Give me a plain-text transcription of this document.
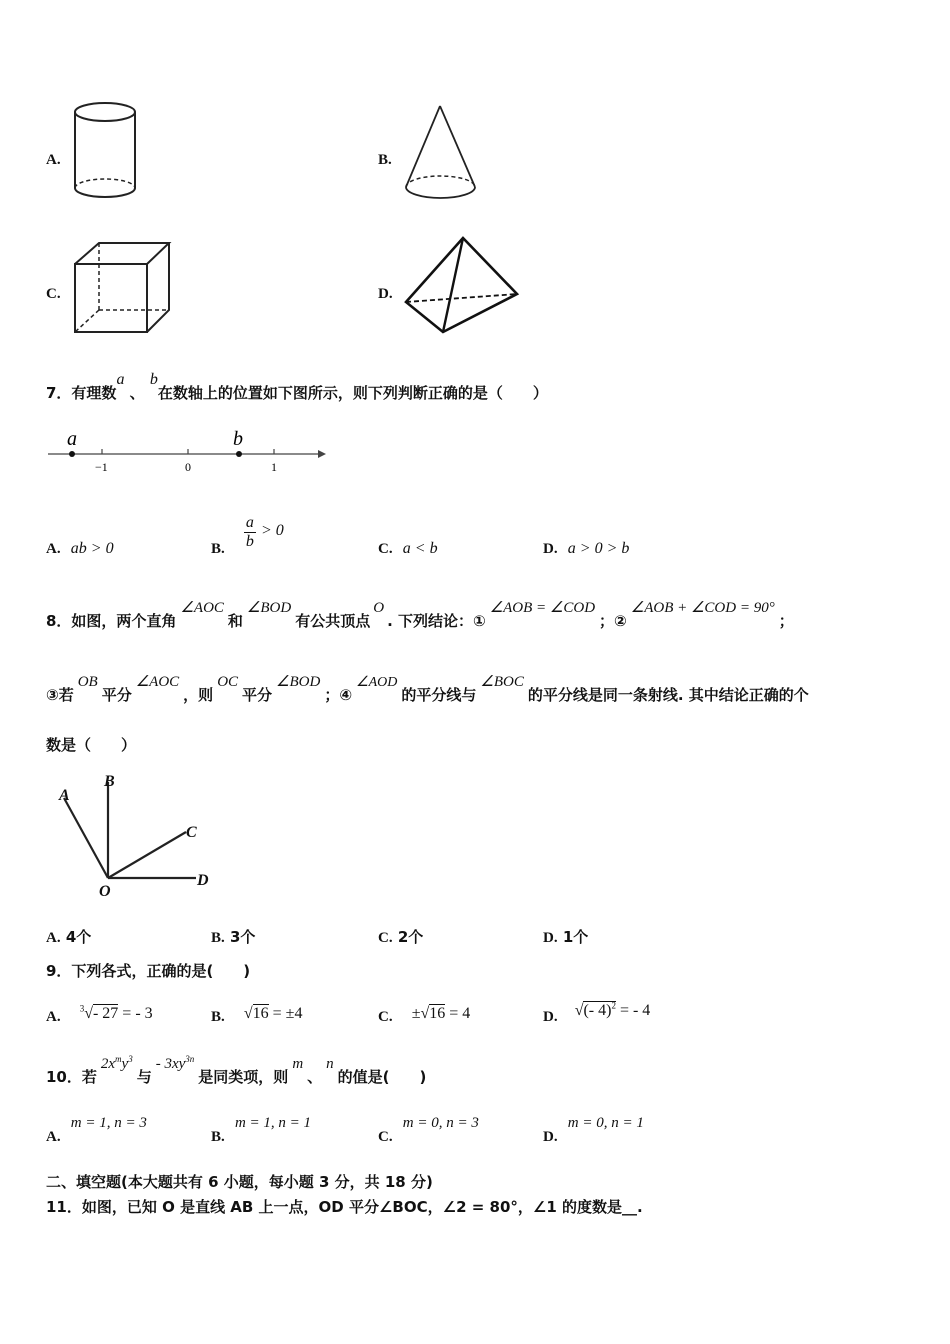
A.	B.
C.	D.
7．有理数a 、 b在数轴上的位置如下图所示，则下列判断正确的是（　　）
a	b
−1	0	1
A. ab > 0	B. $\frac{a}{b} > 0$
C. a < b	D. a > 0 > b
8．如图，两个直角∠AOC和∠BOD有公共顶点O. 下列结论：①∠AOB = ∠COD；②∠AOB + ∠COD = 90°；
③若OB平分∠AOC，则OC平分∠BOD；④∠AOD的平分线与∠BOC的平分线是同一条射线. 其中结论正确的个
数是（　　）
A
B
C
D
O
A. 4个	B. 3个	C. 2个	D. 1个
9．下列各式，正确的是(　　)
A. $^3$√- 27 = - 3	B. √16 = ±4	C. ±√16 = 4	D. √(- 4)$^2$ = - 4
10．若$2x^my^3$与- $3xy^{3n}$是同类项，则m、n的值是(　　)
A.  m = 1, n = 3
B.  m = 1, n = 1
C.  m = 0, n = 3
D.  m = 0, n = 1
二、填空题(本大题共有 6 小题，每小题 3 分，共 18 分)
11．如图，已知 O 是直线 AB 上一点，OD 平分∠BOC，∠2 = 80°，∠1 的度数是__.
